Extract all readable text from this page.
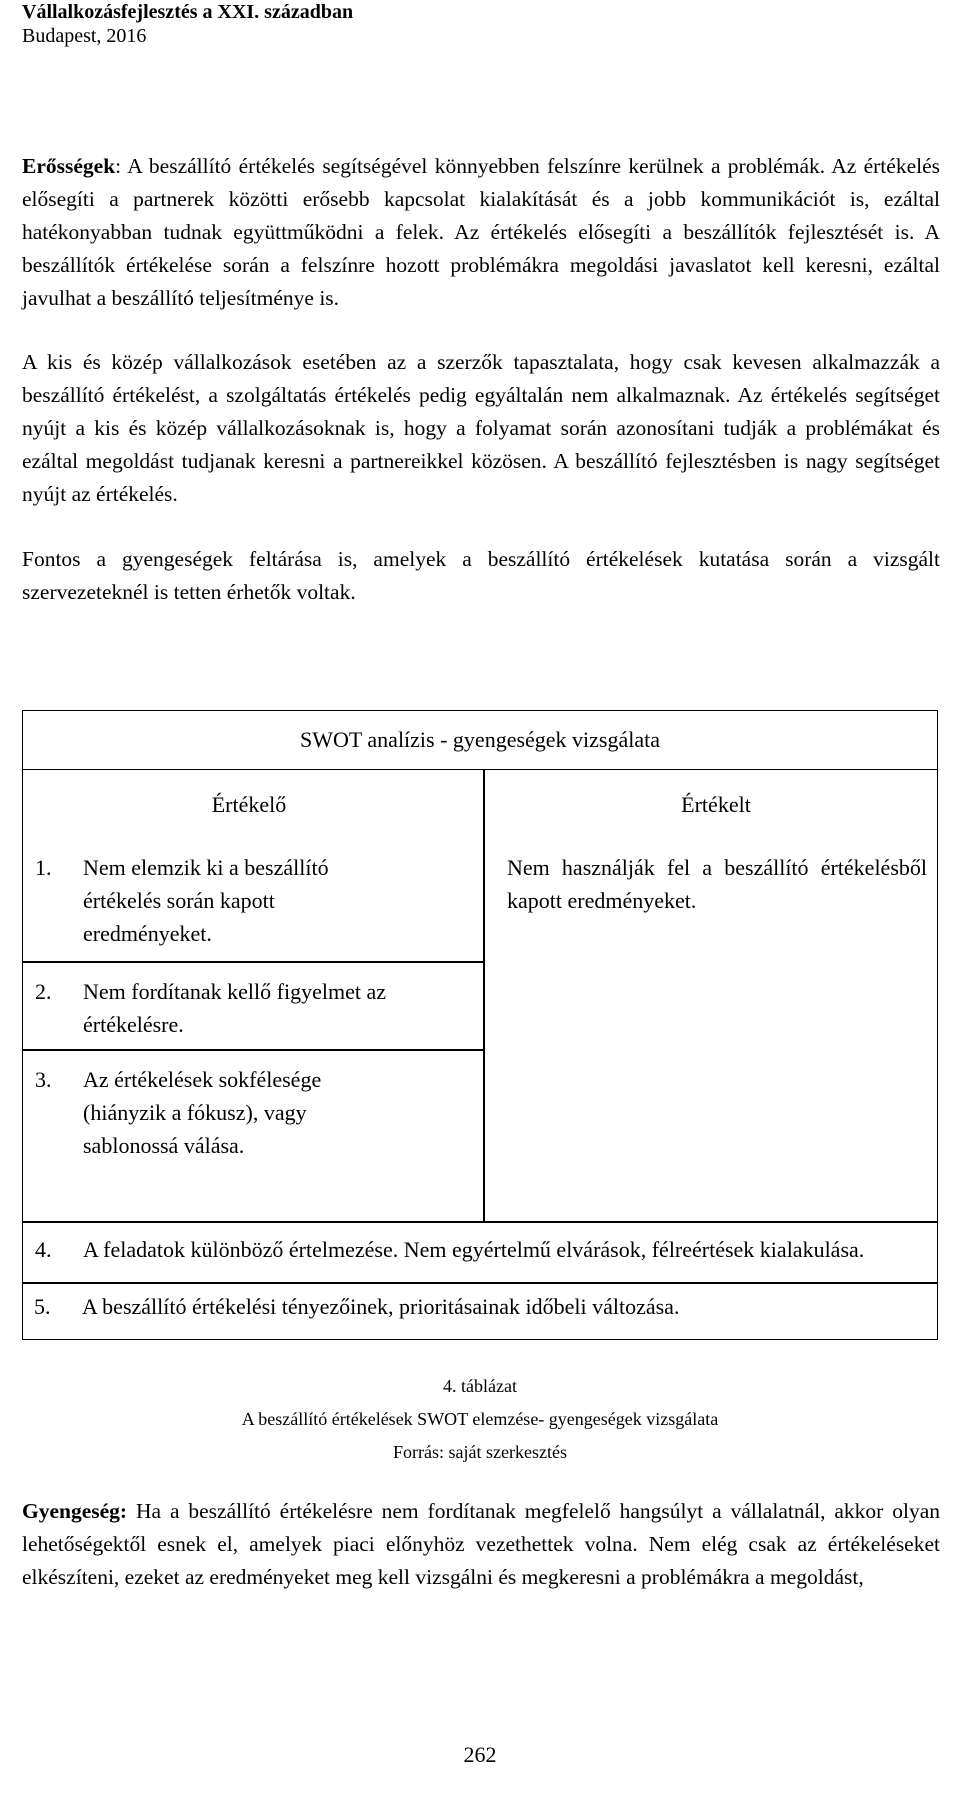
Vállalkozásfejlesztés a XXI. században
Budapest, 2016

Erősségek: A beszállító értékelés segítségével könnyebben felszínre kerülnek a problémák. Az értékelés elősegíti a partnerek közötti erősebb kapcsolat kialakítását és a jobb kommunikációt is, ezáltal hatékonyabban tudnak együttműködni a felek. Az értékelés elősegíti a beszállítók fejlesztését is. A beszállítók értékelése során a felszínre hozott problémákra megoldási javaslatot kell keresni, ezáltal javulhat a beszállító teljesítménye is.

A kis és közép vállalkozások esetében az a szerzők tapasztalata, hogy csak kevesen alkalmazzák a beszállító értékelést, a szolgáltatás értékelés pedig egyáltalán nem alkalmaznak. Az értékelés segítséget nyújt a kis és közép vállalkozásoknak is, hogy a folyamat során azonosítani tudják a problémákat és ezáltal megoldást tudjanak keresni a partnereikkel közösen. A beszállító fejlesztésben is nagy segítséget nyújt az értékelés.

Fontos a gyengeségek feltárása is, amelyek a beszállító értékelések kutatása során a vizsgált szervezeteknél is tetten érhetők voltak.

SWOT analízis - gyengeségek vizsgálata
Értékelő	Értékelt
1. Nem elemzik ki a beszállító értékelés során kapott eredményeket.
Nem használják fel a beszállító értékelésből kapott eredményeket.
2. Nem fordítanak kellő figyelmet az értékelésre.
3. Az értékelések sokfélesége (hiányzik a fókusz), vagy sablonossá válása.
4. A feladatok különböző értelmezése. Nem egyértelmű elvárások, félreértések kialakulása.
5. A beszállító értékelési tényezőinek, prioritásainak időbeli változása.
4. táblázat
A beszállító értékelések SWOT elemzése- gyengeségek vizsgálata
Forrás: saját szerkesztés

Gyengeség: Ha a beszállító értékelésre nem fordítanak megfelelő hangsúlyt a vállalatnál, akkor olyan lehetőségektől esnek el, amelyek piaci előnyhöz vezethettek volna. Nem elég csak az értékeléseket elkészíteni, ezeket az eredményeket meg kell vizsgálni és megkeresni a problémákra a megoldást,

262
